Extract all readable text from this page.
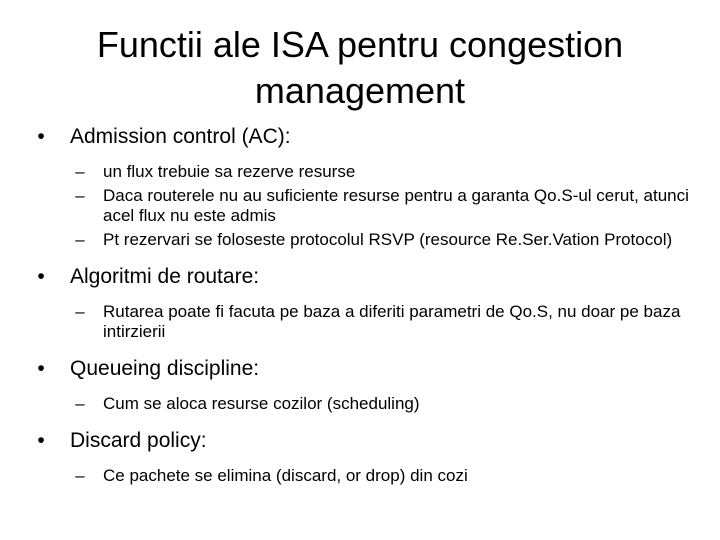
Functii ale ISA pentru congestion
management
•	Admission control (AC):
–	un flux trebuie sa rezerve resurse
–	Daca routerele nu au suficiente resurse pentru a garanta Qo.S-ul cerut, atunci acel flux nu este admis
–	Pt rezervari se foloseste protocolul RSVP (resource Re.Ser.Vation Protocol)
•	Algoritmi de routare:
–	Rutarea poate fi facuta pe baza a diferiti parametri de Qo.S, nu doar pe baza intirzierii
•	Queueing discipline:
–	Cum se aloca resurse cozilor (scheduling)
•	Discard policy:
–	Ce pachete se elimina (discard, or drop) din cozi
